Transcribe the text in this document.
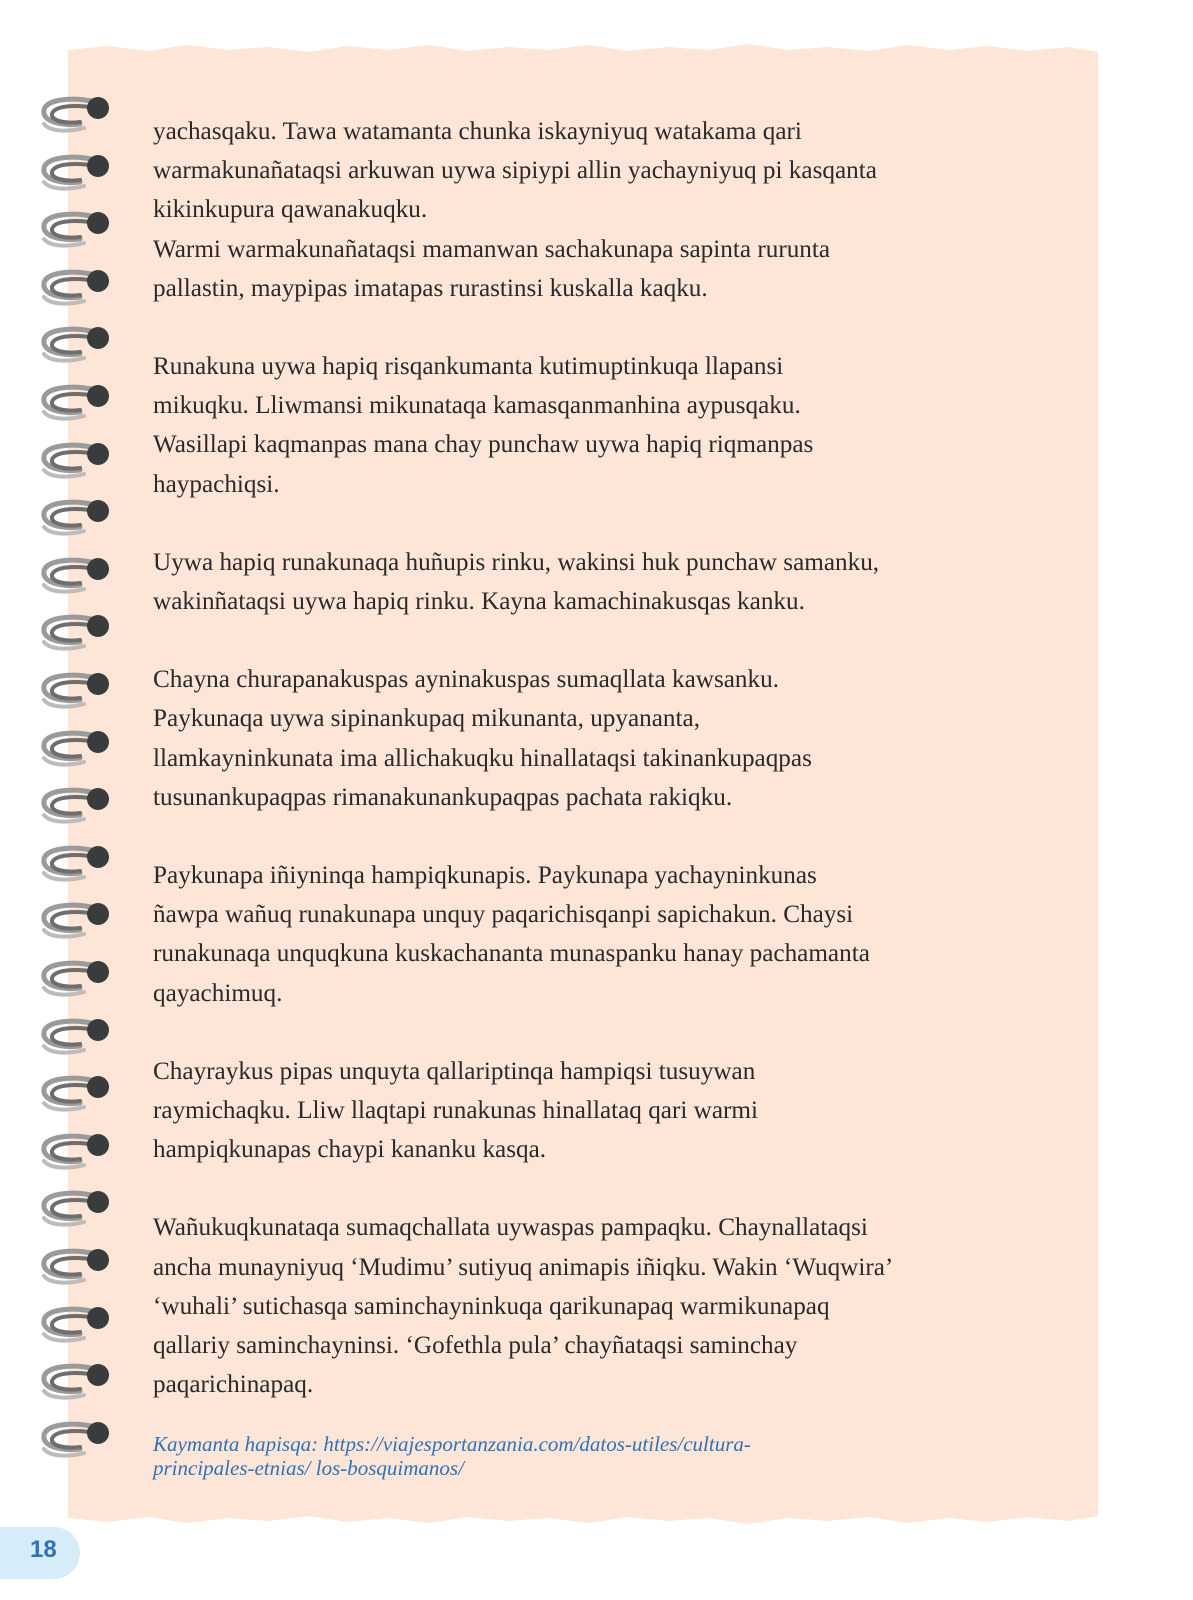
yachasqaku. Tawa watamanta chunka iskayniyuq watakama qari
warmakunañataqsi arkuwan uywa sipiypi allin yachayniyuq pi kasqanta
kikinkupura qawanakuqku.
Warmi warmakunañataqsi mamanwan sachakunapa sapinta rurunta
pallastin, maypipas imatapas rurastinsi kuskalla kaqku.

Runakuna uywa hapiq risqankumanta kutimuptinkuqa llapansi
mikuqku. Lliwmansi mikunataqa kamasqanmanhina aypusqaku.
Wasillapi kaqmanpas mana chay punchaw uywa hapiq riqmanpas
haypachiqsi.

Uywa hapiq runakunaqa huñupis rinku, wakinsi huk punchaw samanku,
wakinñataqsi uywa hapiq rinku. Kayna kamachinakusqas kanku.

Chayna churapanakuspas ayninakuspas sumaqllata kawsanku.
Paykunaqa uywa sipinankupaq mikunanta, upyananta,
llamkayninkunata ima allichakuqku hinallataqsi takinankupaqpas
tusunankupaqpas rimanakunankupaqpas pachata rakiqku.

Paykunapa iñiyninqa hampiqkunapis. Paykunapa yachayninkunas
ñawpa wañuq runakunapa unquy paqarichisqanpi sapichakun. Chaysi
runakunaqa unquqkuna kuskachananta munaspanku hanay pachamanta
qayachimuq.

Chayraykus pipas unquyta qallariptinqa hampiqsi tusuywan
raymichaqku. Lliw llaqtapi runakunas hinallataq qari warmi
hampiqkunapas chaypi kananku kasqa.

Wañukuqkunataqa sumaqchallata uywaspas pampaqku. Chaynallataqsi
ancha munayniyuq ‘Mudimu’ sutiyuq animapis iñiqku. Wakin ‘Wuqwira’
‘wuhali’ sutichasqa saminchayninkuqa qarikunapaq warmikunapaq
qallariy saminchayninsi. ‘Gofethla pula’ chayñataqsi saminchay
paqarichinapaq.

Kaymanta hapisqa: https://viajesportanzania.com/datos-utiles/cultura-
principales-etnias/ los-bosquimanos/
18
